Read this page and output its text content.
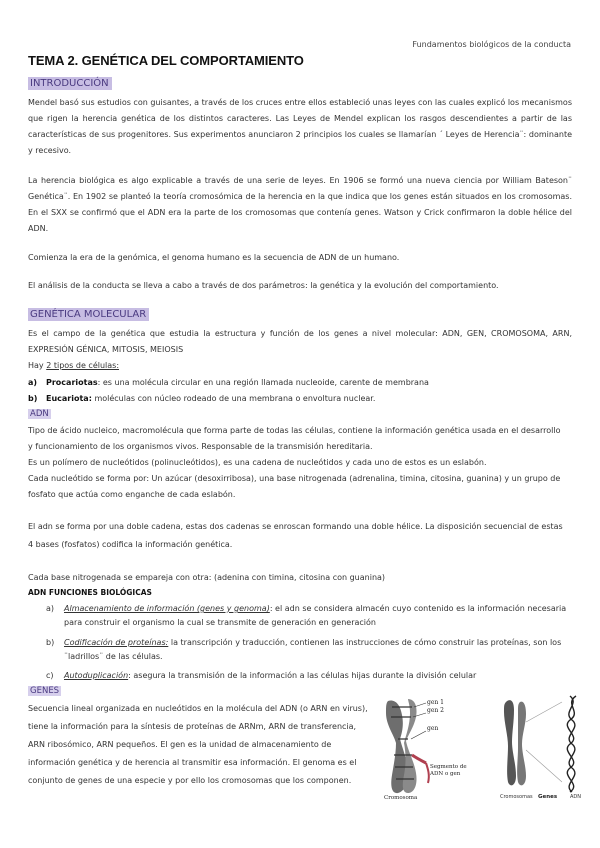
Fundamentos biológicos de la conducta
TEMA 2. GENÉTICA DEL COMPORTAMIENTO
INTRODUCCIÓN

Mendel basó sus estudios con guisantes, a través de los cruces entre ellos estableció unas leyes con las cuales explicó los mecanismos que rigen la herencia genética de los distintos caracteres. Las Leyes de Mendel explican los rasgos descendientes a partir de las características de sus progenitores. Sus experimentos anunciaron 2 principios los cuales se llamarían ´ Leyes de Herencia¨: dominante y recesivo.

La herencia biológica es algo explicable a través de una serie de leyes. En 1906 se formó una nueva ciencia por William Bateson¨ Genética¨. En 1902 se planteó la teoría cromosómica de la herencia en la que indica que los genes están situados en los cromosomas. En el SXX se confirmó que el ADN era la parte de los cromosomas que contenía genes. Watson y Crick confirmaron la doble hélice del ADN.

Comienza la era de la genómica, el genoma humano es la secuencia de ADN de un humano.

El análisis de la conducta se lleva a cabo a través de dos parámetros: la genética y la evolución del comportamiento.

GENÉTICA MOLECULAR

Es el campo de la genética que estudia la estructura y función de los genes a nivel molecular: ADN, GEN, CROMOSOMA, ARN, EXPRESIÓN GÉNICA, MITOSIS, MEIOSIS

Hay 2 tipos de células:
a) Procariotas: es una molécula circular en una región llamada nucleoide, carente de membrana
b) Eucariota: moléculas con núcleo rodeado de una membrana o envoltura nuclear.
ADN
Tipo de ácido nucleico, macromolécula que forma parte de todas las células, contiene la información genética usada en el desarrollo
y funcionamiento de los organismos vivos. Responsable de la transmisión hereditaria.
Es un polímero de nucleótidos (polinucleótidos), es una cadena de nucleótidos y cada uno de estos es un eslabón.
Cada nucleótido se forma por: Un azúcar (desoxirribosa), una base nitrogenada (adrenalina, timina, citosina, guanina) y un grupo de
fosfato que actúa como enganche de cada eslabón.
El adn se forma por una doble cadena, estas dos cadenas se enroscan formando una doble hélice. La disposición secuencial de estas
4 bases (fosfatos) codifica la información genética.
Cada base nitrogenada se empareja con otra: (adenina con timina, citosina con guanina)
ADN FUNCIONES BIOLÓGICAS
a) Almacenamiento de información (genes y genoma): el adn se considera almacén cuyo contenido es la información necesaria
para construir el organismo la cual se transmite de generación en generación
b) Codificación de proteínas: la transcripción y traducción, contienen las instrucciones de cómo construir las proteínas, son los
¨ladrillos¨ de las células.
c) Autoduplicación: asegura la transmisión de la información a las células hijas durante la división celular
GENES
Secuencia lineal organizada en nucleótidos en la molécula del ADN (o ARN en virus),
tiene la información para la síntesis de proteínas de ARNm, ARN de transferencia,
ARN ribosómico, ARN pequeños. El gen es la unidad de almacenamiento de
información genética y de herencia al transmitir esa información. El genoma es el
conjunto de genes de una especie y por ello los cromosomas que los componen.
gen 1
gen 2
gen
Segmento de
ADN o gen
Cromosoma	Cromosomas Genes	ADN
